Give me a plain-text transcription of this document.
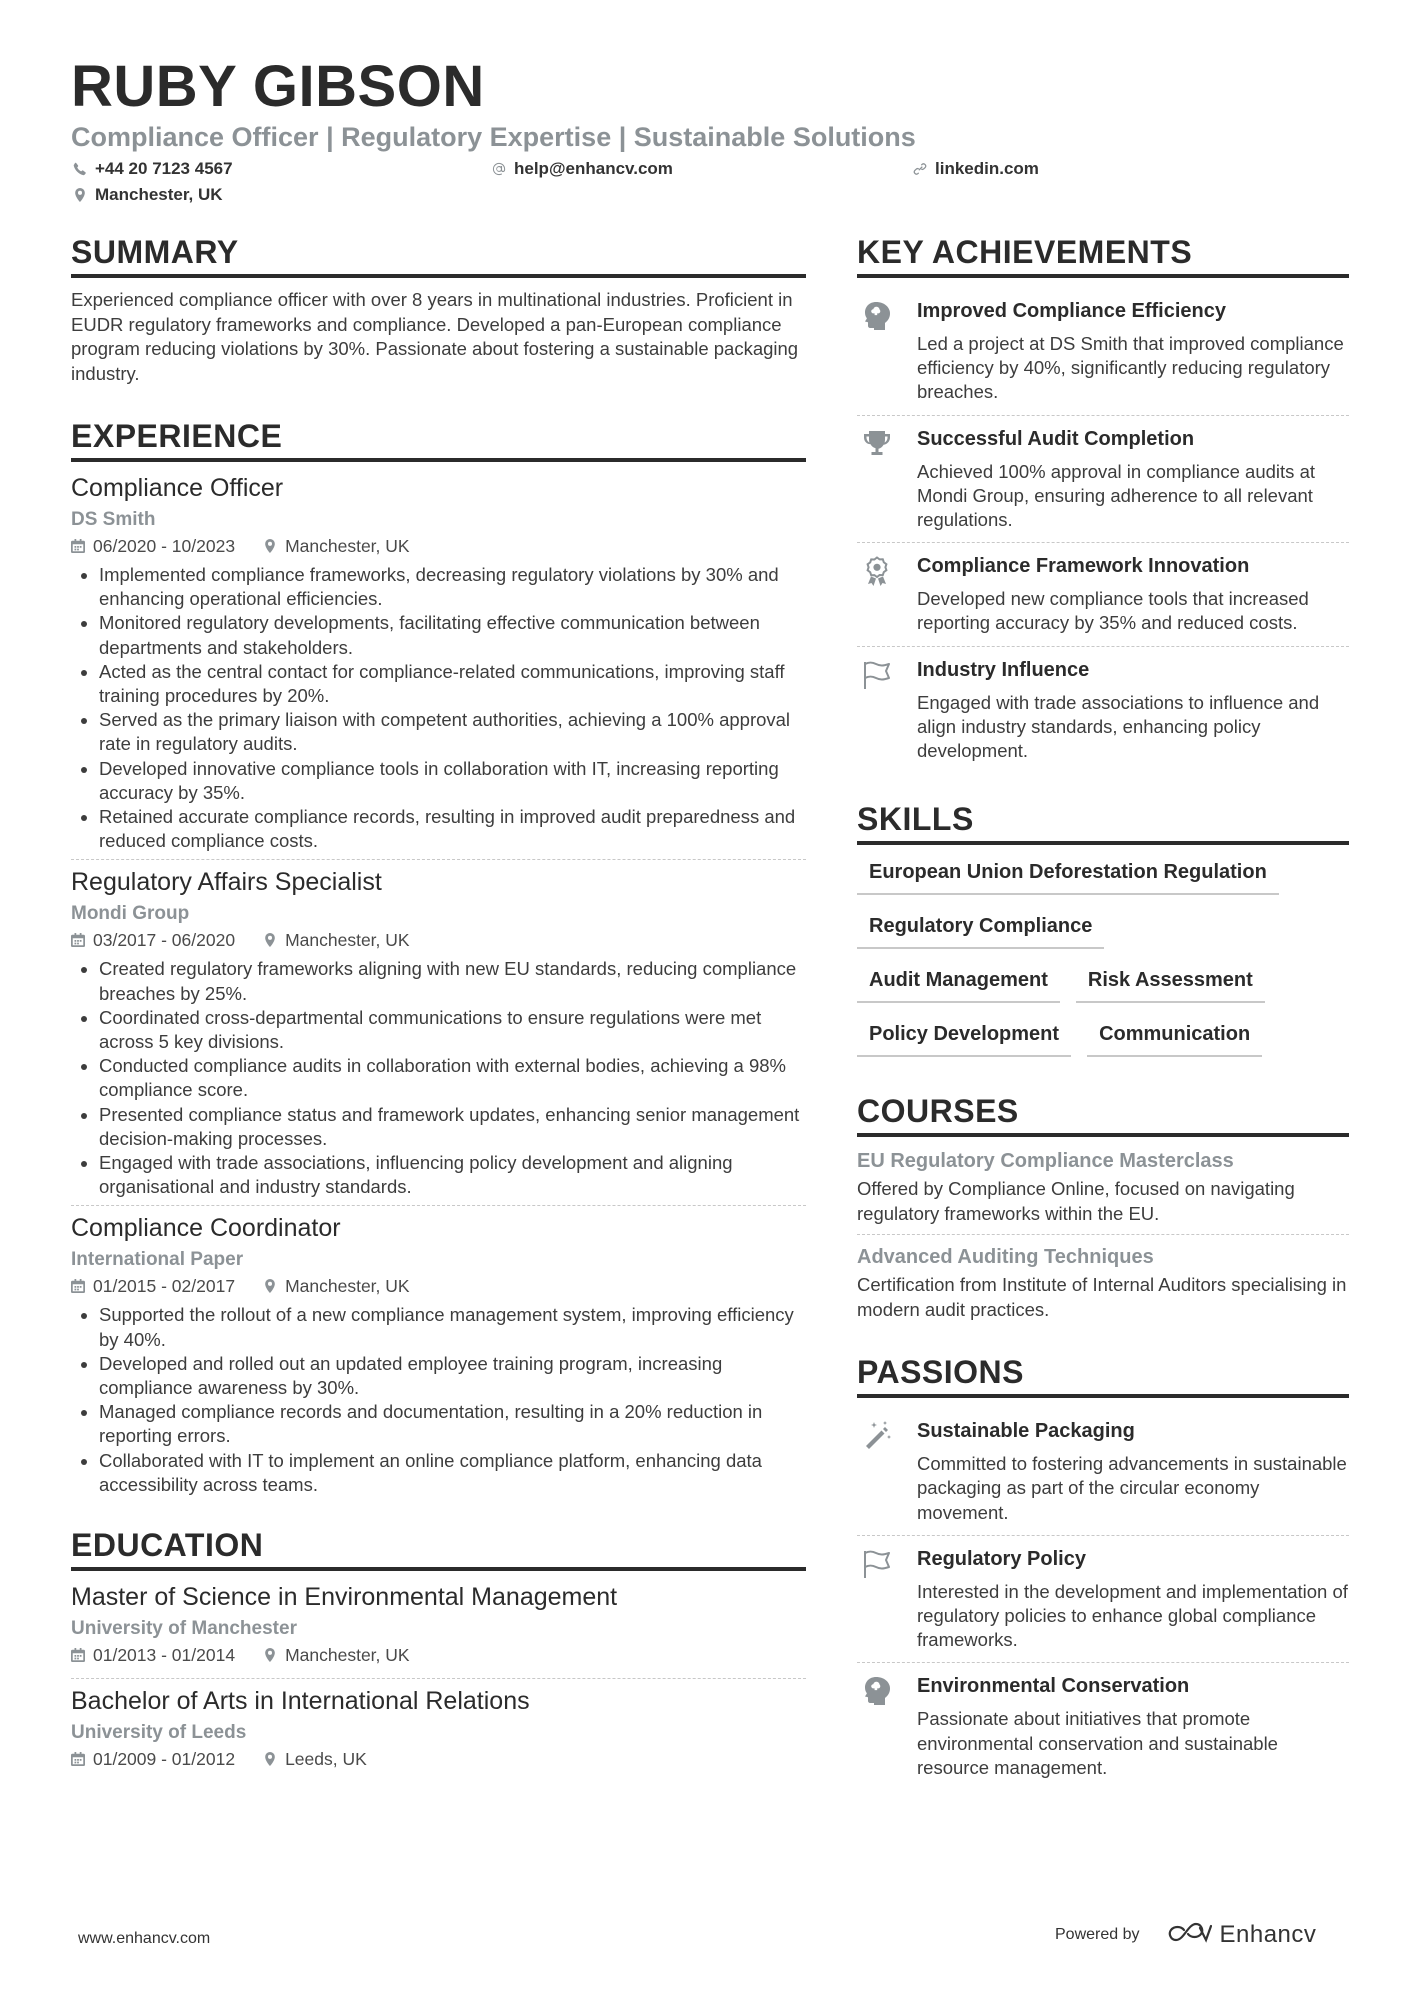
RUBY GIBSON
Compliance Officer | Regulatory Expertise | Sustainable Solutions
+44 20 7123 4567	help@enhancv.com	linkedin.com
Manchester, UK
SUMMARY
Experienced compliance officer with over 8 years in multinational industries. Proficient in EUDR regulatory frameworks and compliance. Developed a pan-European compliance program reducing violations by 30%. Passionate about fostering a sustainable packaging industry.
EXPERIENCE
Compliance Officer
DS Smith
06/2020 - 10/2023	Manchester, UK
Implemented compliance frameworks, decreasing regulatory violations by 30% and enhancing operational efficiencies.
Monitored regulatory developments, facilitating effective communication between departments and stakeholders.
Acted as the central contact for compliance-related communications, improving staff training procedures by 20%.
Served as the primary liaison with competent authorities, achieving a 100% approval rate in regulatory audits.
Developed innovative compliance tools in collaboration with IT, increasing reporting accuracy by 35%.
Retained accurate compliance records, resulting in improved audit preparedness and reduced compliance costs.
Regulatory Affairs Specialist
Mondi Group
03/2017 - 06/2020	Manchester, UK
Created regulatory frameworks aligning with new EU standards, reducing compliance breaches by 25%.
Coordinated cross-departmental communications to ensure regulations were met across 5 key divisions.
Conducted compliance audits in collaboration with external bodies, achieving a 98% compliance score.
Presented compliance status and framework updates, enhancing senior management decision-making processes.
Engaged with trade associations, influencing policy development and aligning organisational and industry standards.
Compliance Coordinator
International Paper
01/2015 - 02/2017	Manchester, UK
Supported the rollout of a new compliance management system, improving efficiency by 40%.
Developed and rolled out an updated employee training program, increasing compliance awareness by 30%.
Managed compliance records and documentation, resulting in a 20% reduction in reporting errors.
Collaborated with IT to implement an online compliance platform, enhancing data accessibility across teams.
EDUCATION
Master of Science in Environmental Management
University of Manchester
01/2013 - 01/2014	Manchester, UK
Bachelor of Arts in International Relations
University of Leeds
01/2009 - 01/2012	Leeds, UK
KEY ACHIEVEMENTS
Improved Compliance Efficiency
Led a project at DS Smith that improved compliance efficiency by 40%, significantly reducing regulatory breaches.
Successful Audit Completion
Achieved 100% approval in compliance audits at Mondi Group, ensuring adherence to all relevant regulations.
Compliance Framework Innovation
Developed new compliance tools that increased reporting accuracy by 35% and reduced costs.
Industry Influence
Engaged with trade associations to influence and align industry standards, enhancing policy development.
SKILLS
European Union Deforestation Regulation
Regulatory Compliance
Audit Management	Risk Assessment
Policy Development	Communication
COURSES
EU Regulatory Compliance Masterclass
Offered by Compliance Online, focused on navigating regulatory frameworks within the EU.
Advanced Auditing Techniques
Certification from Institute of Internal Auditors specialising in modern audit practices.
PASSIONS
Sustainable Packaging
Committed to fostering advancements in sustainable packaging as part of the circular economy movement.
Regulatory Policy
Interested in the development and implementation of regulatory policies to enhance global compliance frameworks.
Environmental Conservation
Passionate about initiatives that promote environmental conservation and sustainable resource management.
www.enhancv.com	Powered by	Enhancv
